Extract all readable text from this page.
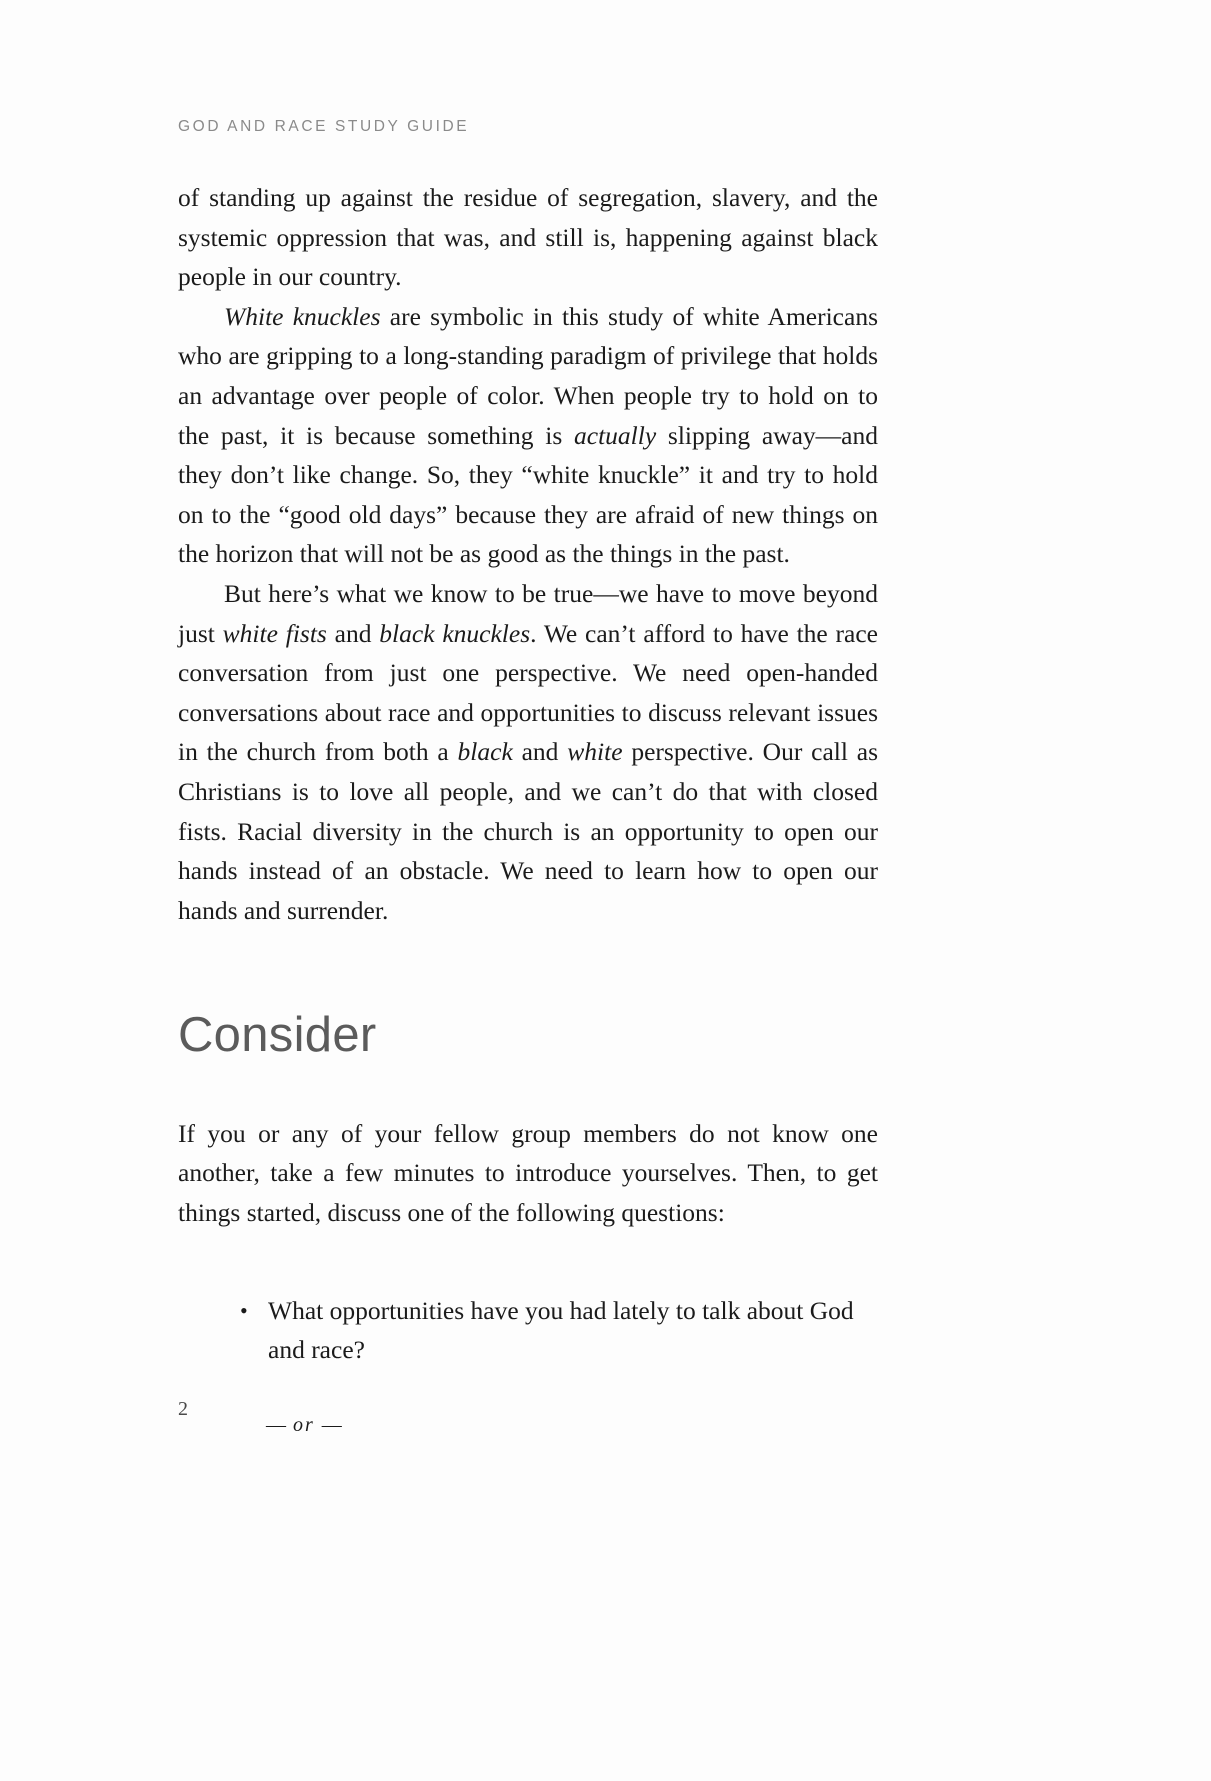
GOD AND RACE STUDY GUIDE

of standing up against the residue of segregation, slavery, and the systemic oppression that was, and still is, happening against black people in our country.

White knuckles are symbolic in this study of white Americans who are gripping to a long-standing paradigm of privilege that holds an advantage over people of color. When people try to hold on to the past, it is because something is actually slipping away—and they don’t like change. So, they “white knuckle” it and try to hold on to the “good old days” because they are afraid of new things on the horizon that will not be as good as the things in the past.

But here’s what we know to be true—we have to move beyond just white fists and black knuckles. We can’t afford to have the race conversation from just one perspective. We need open-handed conversations about race and opportunities to discuss relevant issues in the church from both a black and white perspective. Our call as Christians is to love all people, and we can’t do that with closed fists. Racial diversity in the church is an opportunity to open our hands instead of an obstacle. We need to learn how to open our hands and surrender.

Consider

If you or any of your fellow group members do not know one another, take a few minutes to introduce yourselves. Then, to get things started, discuss one of the following questions:

• What opportunities have you had lately to talk about God and race?
— or —
2
